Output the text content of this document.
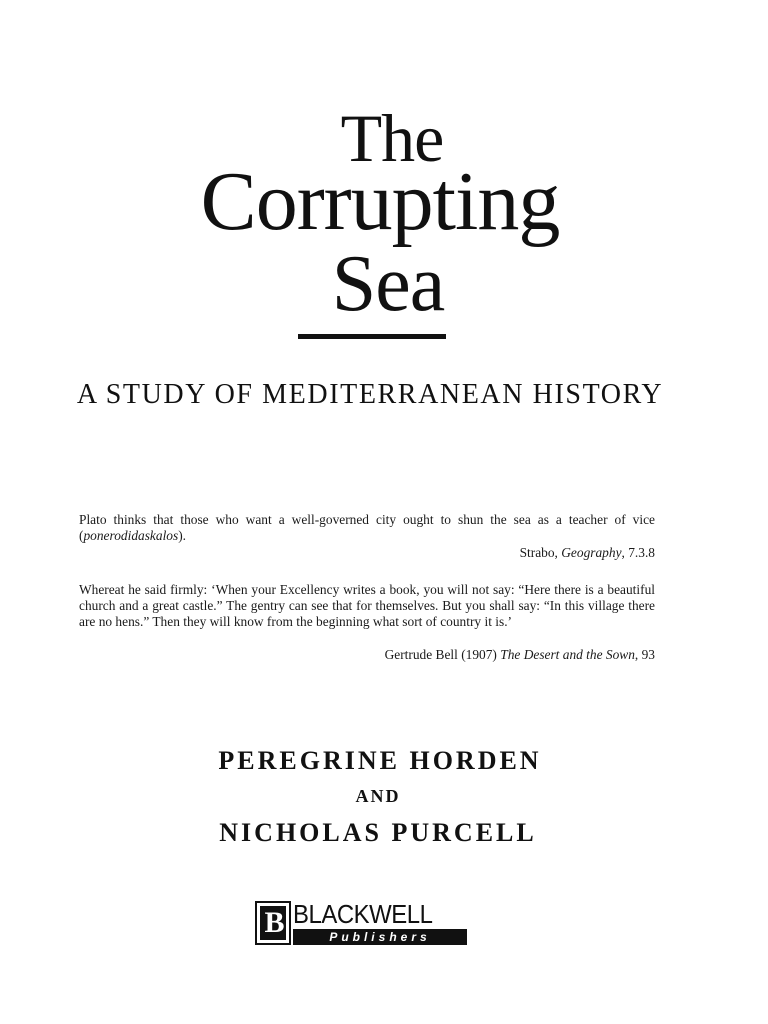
The
Corrupting
Sea
A STUDY OF MEDITERRANEAN HISTORY
Plato thinks that those who want a well-governed city ought to shun the sea as a teacher of vice (ponerodidaskalos).
Strabo, Geography, 7.3.8
Whereat he said firmly: ‘When your Excellency writes a book, you will not say: “Here there is a beautiful church and a great castle.” The gentry can see that for themselves. But you shall say: “In this village there are no hens.” Then they will know from the beginning what sort of country it is.’
Gertrude Bell (1907) The Desert and the Sown, 93
PEREGRINE HORDEN
AND
NICHOLAS PURCELL
B BLACKWELL
Publishers
